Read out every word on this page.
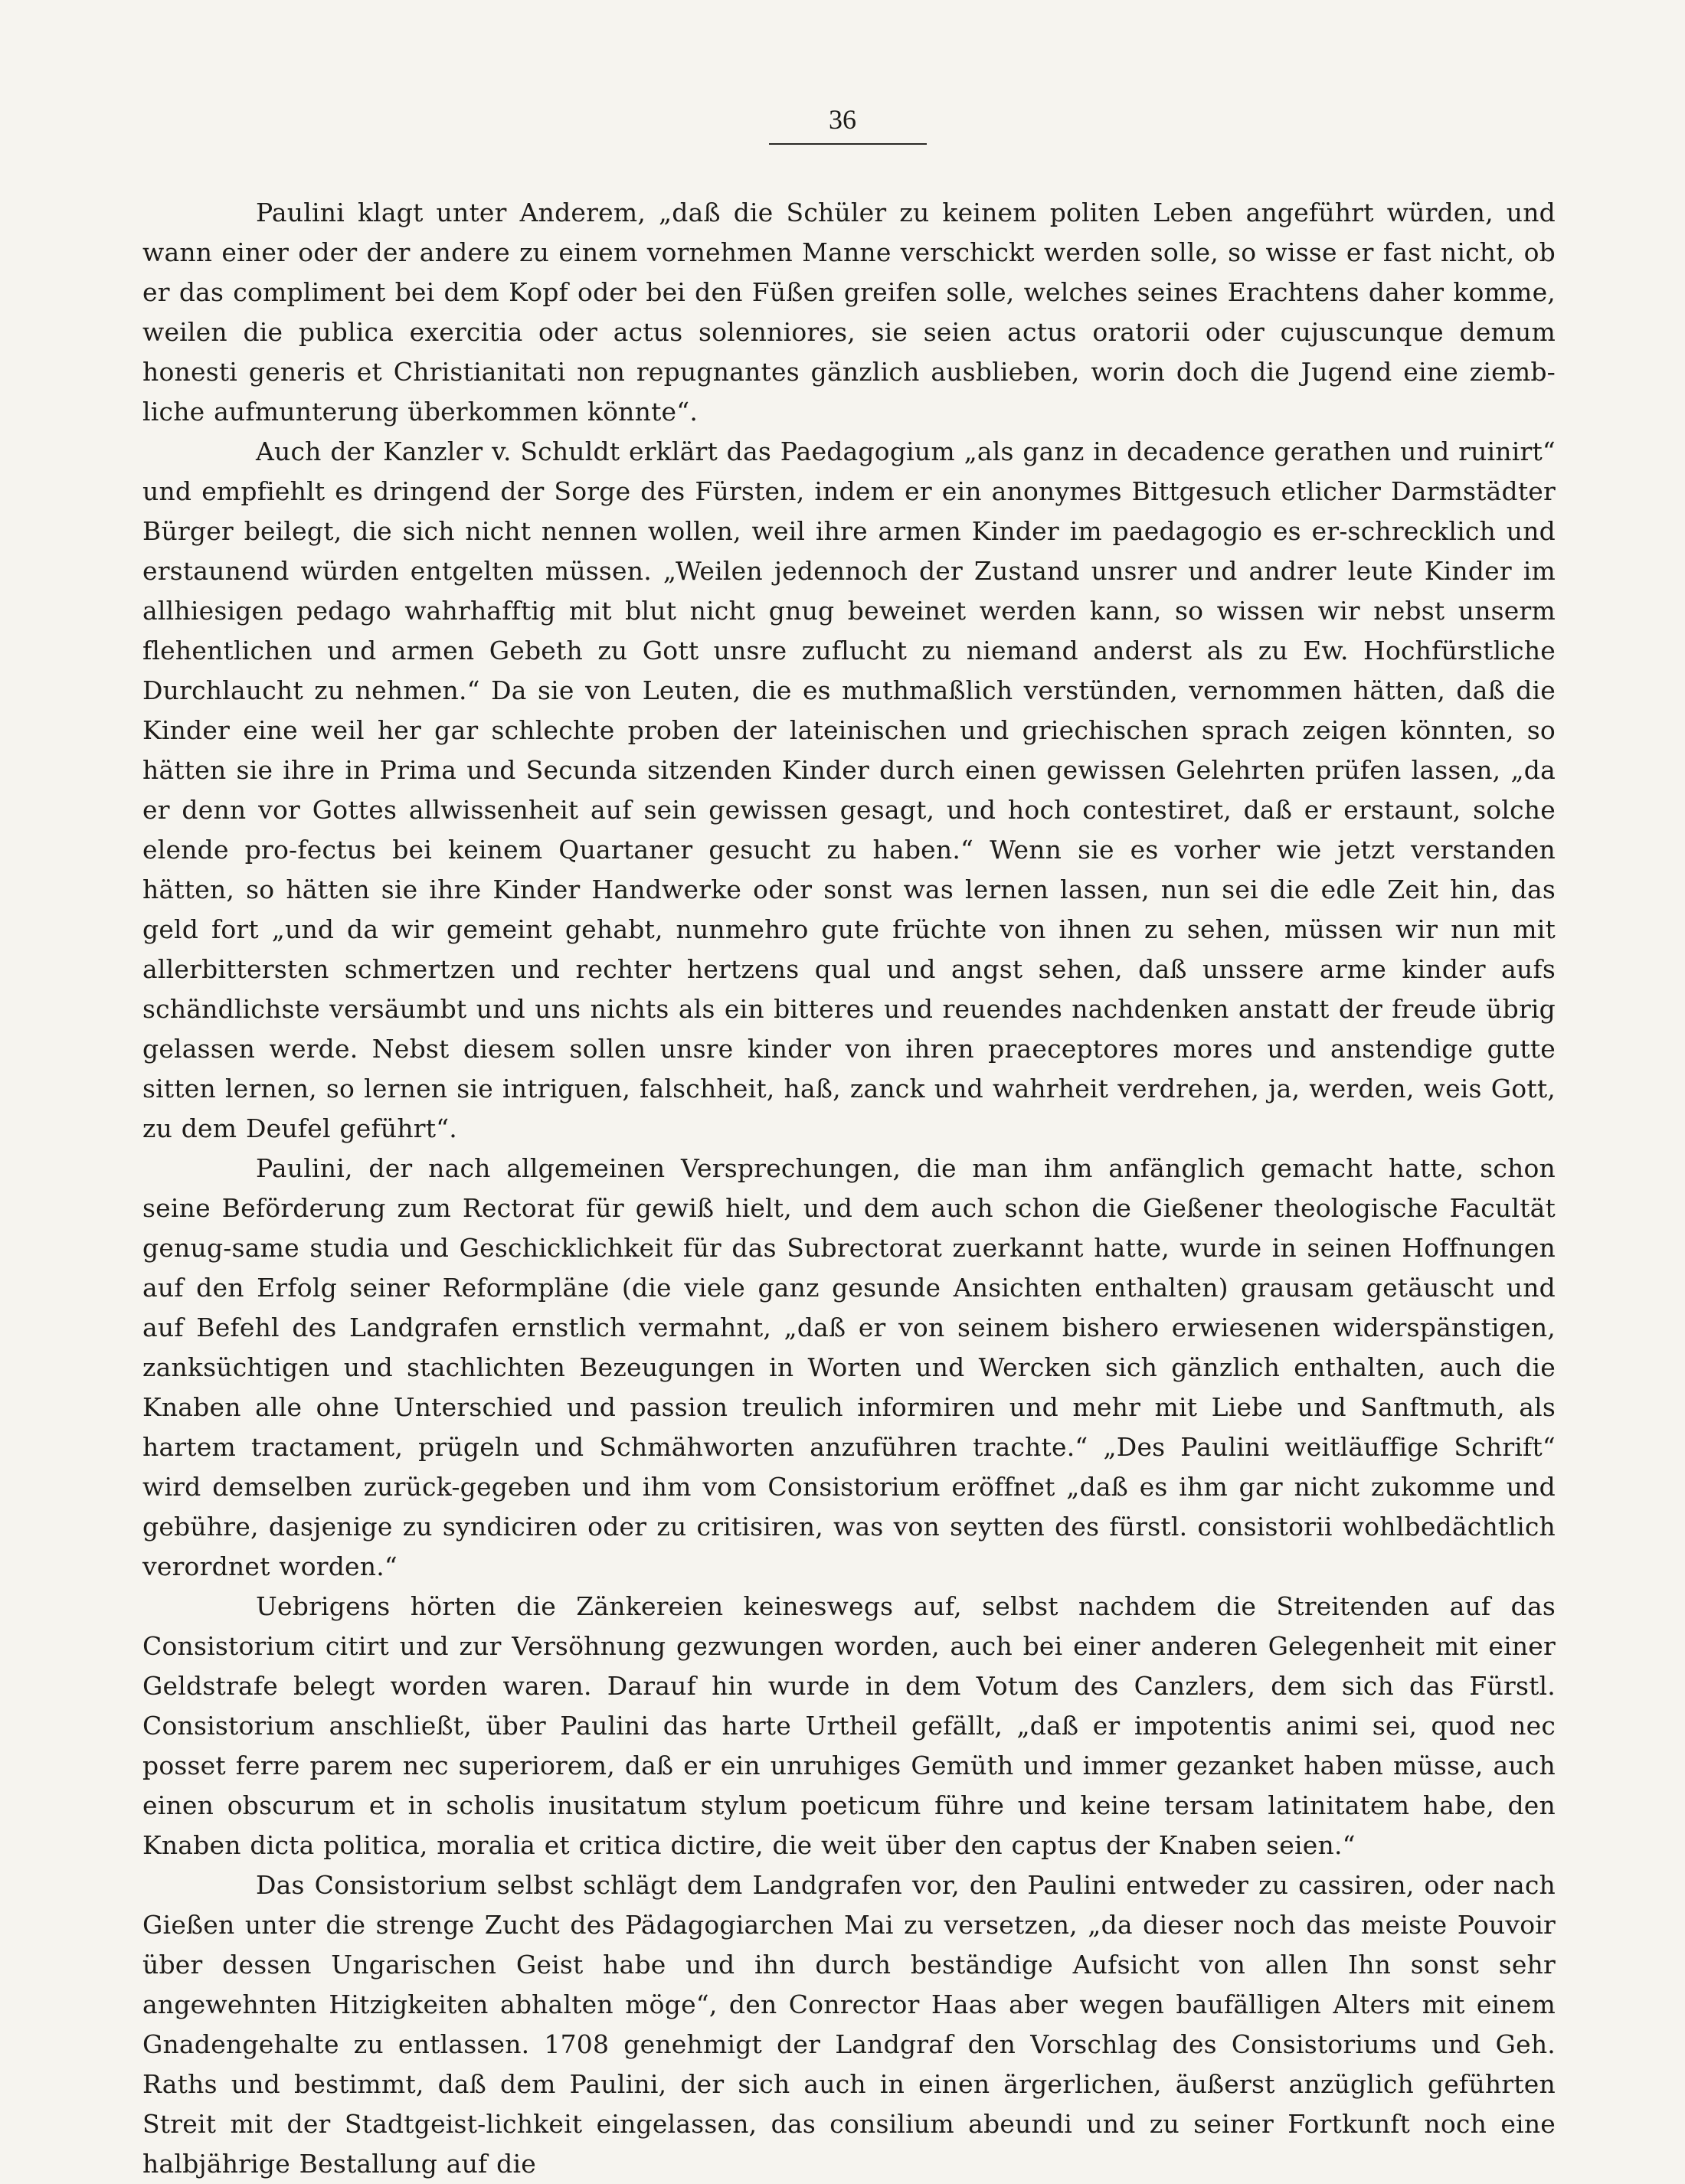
36

Paulini klagt unter Anderem, „daß die Schüler zu keinem politen Leben angeführt würden, und wann einer oder der andere zu einem vornehmen Manne verschickt werden solle, so wisse er fast nicht, ob er das compliment bei dem Kopf oder bei den Füßen greifen solle, welches seines Erachtens daher komme, weilen die publica exercitia oder actus solenniores, sie seien actus oratorii oder cujuscunque demum honesti generis et Christianitati non repugnantes gänzlich ausblieben, worin doch die Jugend eine ziemb-liche aufmunterung überkommen könnte“.

Auch der Kanzler v. Schuldt erklärt das Paedagogium „als ganz in decadence gerathen und ruinirt“ und empfiehlt es dringend der Sorge des Fürsten, indem er ein anonymes Bittgesuch etlicher Darmstädter Bürger beilegt, die sich nicht nennen wollen, weil ihre armen Kinder im paedagogio es er-schrecklich und erstaunend würden entgelten müssen. „Weilen jedennoch der Zustand unsrer und andrer leute Kinder im allhiesigen pedago wahrhafftig mit blut nicht gnug beweinet werden kann, so wissen wir nebst unserm flehentlichen und armen Gebeth zu Gott unsre zuflucht zu niemand anderst als zu Ew. Hochfürstliche Durchlaucht zu nehmen.“ Da sie von Leuten, die es muthmaßlich verstünden, vernommen hätten, daß die Kinder eine weil her gar schlechte proben der lateinischen und griechischen sprach zeigen könnten, so hätten sie ihre in Prima und Secunda sitzenden Kinder durch einen gewissen Gelehrten prüfen lassen, „da er denn vor Gottes allwissenheit auf sein gewissen gesagt, und hoch contestiret, daß er erstaunt, solche elende pro-fectus bei keinem Quartaner gesucht zu haben.“ Wenn sie es vorher wie jetzt verstanden hätten, so hätten sie ihre Kinder Handwerke oder sonst was lernen lassen, nun sei die edle Zeit hin, das geld fort „und da wir gemeint gehabt, nunmehro gute früchte von ihnen zu sehen, müssen wir nun mit allerbittersten schmertzen und rechter hertzens qual und angst sehen, daß unssere arme kinder aufs schändlichste versäumbt und uns nichts als ein bitteres und reuendes nachdenken anstatt der freude übrig gelassen werde. Nebst diesem sollen unsre kinder von ihren praeceptores mores und anstendige gutte sitten lernen, so lernen sie intriguen, falschheit, haß, zanck und wahrheit verdrehen, ja, werden, weis Gott, zu dem Deufel geführt“.

Paulini, der nach allgemeinen Versprechungen, die man ihm anfänglich gemacht hatte, schon seine Beförderung zum Rectorat für gewiß hielt, und dem auch schon die Gießener theologische Facultät genug-same studia und Geschicklichkeit für das Subrectorat zuerkannt hatte, wurde in seinen Hoffnungen auf den Erfolg seiner Reformpläne (die viele ganz gesunde Ansichten enthalten) grausam getäuscht und auf Befehl des Landgrafen ernstlich vermahnt, „daß er von seinem bishero erwiesenen widerspänstigen, zanksüchtigen und stachlichten Bezeugungen in Worten und Wercken sich gänzlich enthalten, auch die Knaben alle ohne Unterschied und passion treulich informiren und mehr mit Liebe und Sanftmuth, als hartem tractament, prügeln und Schmähworten anzuführen trachte.“ „Des Paulini weitläuffige Schrift“ wird demselben zurück-gegeben und ihm vom Consistorium eröffnet „daß es ihm gar nicht zukomme und gebühre, dasjenige zu syndiciren oder zu critisiren, was von seytten des fürstl. consistorii wohlbedächtlich verordnet worden.“

Uebrigens hörten die Zänkereien keineswegs auf, selbst nachdem die Streitenden auf das Consistorium citirt und zur Versöhnung gezwungen worden, auch bei einer anderen Gelegenheit mit einer Geldstrafe belegt worden waren. Darauf hin wurde in dem Votum des Canzlers, dem sich das Fürstl. Consistorium anschließt, über Paulini das harte Urtheil gefällt, „daß er impotentis animi sei, quod nec posset ferre parem nec superiorem, daß er ein unruhiges Gemüth und immer gezanket haben müsse, auch einen obscurum et in scholis inusitatum stylum poeticum führe und keine tersam latinitatem habe, den Knaben dicta politica, moralia et critica dictire, die weit über den captus der Knaben seien.“

Das Consistorium selbst schlägt dem Landgrafen vor, den Paulini entweder zu cassiren, oder nach Gießen unter die strenge Zucht des Pädagogiarchen Mai zu versetzen, „da dieser noch das meiste Pouvoir über dessen Ungarischen Geist habe und ihn durch beständige Aufsicht von allen Ihn sonst sehr angewehnten Hitzigkeiten abhalten möge“, den Conrector Haas aber wegen baufälligen Alters mit einem Gnadengehalte zu entlassen. 1708 genehmigt der Landgraf den Vorschlag des Consistoriums und Geh. Raths und bestimmt, daß dem Paulini, der sich auch in einen ärgerlichen, äußerst anzüglich geführten Streit mit der Stadtgeist-lichkeit eingelassen, das consilium abeundi und zu seiner Fortkunft noch eine halbjährige Bestallung auf die
